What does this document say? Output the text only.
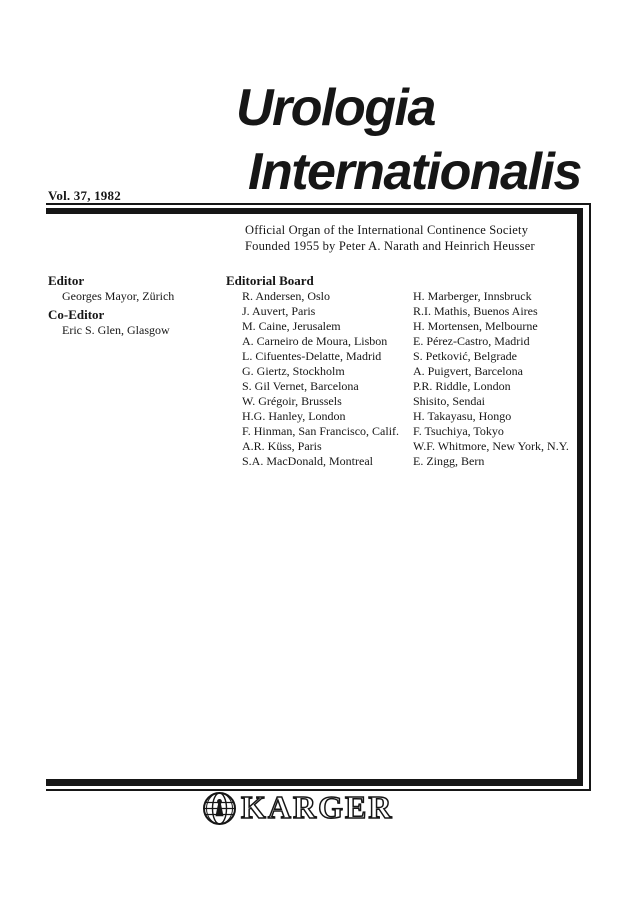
Urologia
Internationalis
Vol. 37, 1982
Official Organ of the International Continence Society
Founded 1955 by Peter A. Narath and Heinrich Heusser
Editor
Georges Mayor, Zürich
Co-Editor
Eric S. Glen, Glasgow
Editorial Board
R. Andersen, Oslo
J. Auvert, Paris
M. Caine, Jerusalem
A. Carneiro de Moura, Lisbon
L. Cifuentes-Delatte, Madrid
G. Giertz, Stockholm
S. Gil Vernet, Barcelona
W. Grégoir, Brussels
H.G. Hanley, London
F. Hinman, San Francisco, Calif.
A.R. Küss, Paris
S.A. MacDonald, Montreal
H. Marberger, Innsbruck
R.I. Mathis, Buenos Aires
H. Mortensen, Melbourne
E. Pérez-Castro, Madrid
S. Petković, Belgrade
A. Puigvert, Barcelona
P.R. Riddle, London
Shisito, Sendai
H. Takayasu, Hongo
F. Tsuchiya, Tokyo
W.F. Whitmore, New York, N.Y.
E. Zingg, Bern
KARGER
